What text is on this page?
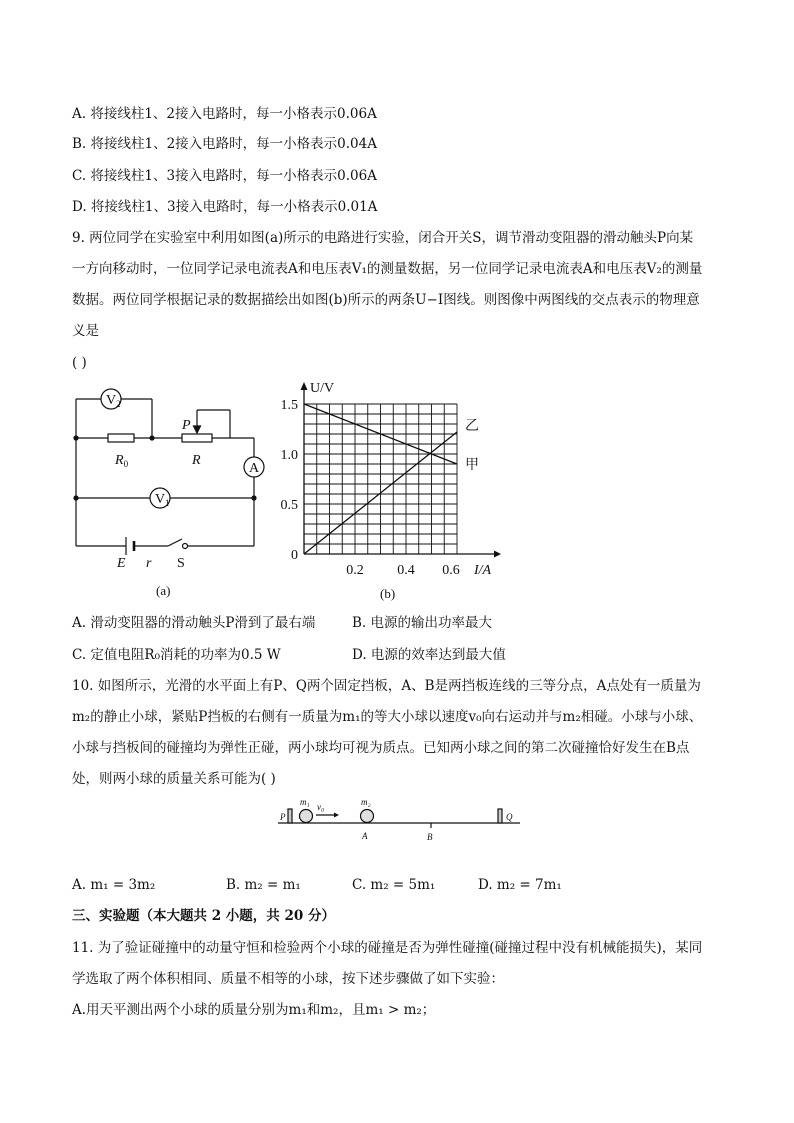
A. 将接线柱1、2接入电路时，每一小格表示0.06A
B. 将接线柱1、2接入电路时，每一小格表示0.04A
C. 将接线柱1、3接入电路时，每一小格表示0.06A
D. 将接线柱1、3接入电路时，每一小格表示0.01A
9. 两位同学在实验室中利用如图(a)所示的电路进行实验，闭合开关S，调节滑动变阻器的滑动触头P向某
一方向移动时，一位同学记录电流表A和电压表V₁的测量数据，另一位同学记录电流表A和电压表V₂的测量
数据。两位同学根据记录的数据描绘出如图(b)所示的两条U−I图线。则图像中两图线的交点表示的物理意
义是
( )
$V_2$
$V_1$
A
$R_0$
P
R
E r S
(a)
甲
乙
1.5
1.0
0.5
0
0.2 0.4 0.6
U/V
I/A
(b)
A. 滑动变阻器的滑动触头P滑到了最右端	B. 电源的输出功率最大
C. 定值电阻R₀消耗的功率为0.5 W	D. 电源的效率达到最大值
10. 如图所示，光滑的水平面上有P、Q两个固定挡板，A、B是两挡板连线的三等分点，A点处有一质量为
m₂的静止小球，紧贴P挡板的右侧有一质量为m₁的等大小球以速度v₀向右运动并与m₂相碰。小球与小球、
小球与挡板间的碰撞均为弹性正碰，两小球均可视为质点。已知两小球之间的第二次碰撞恰好发生在B点
处，则两小球的质量关系可能为( )
P	Q
m₁ v₀	m₂
A	B
A. m₁ = 3m₂	B. m₂ = m₁	C. m₂ = 5m₁	D. m₂ = 7m₁
三、实验题（本大题共 2 小题，共 20 分）
11. 为了验证碰撞中的动量守恒和检验两个小球的碰撞是否为弹性碰撞(碰撞过程中没有机械能损失)，某同
学选取了两个体积相同、质量不相等的小球，按下述步骤做了如下实验：
A.用天平测出两个小球的质量分别为m₁和m₂，且m₁ > m₂；
